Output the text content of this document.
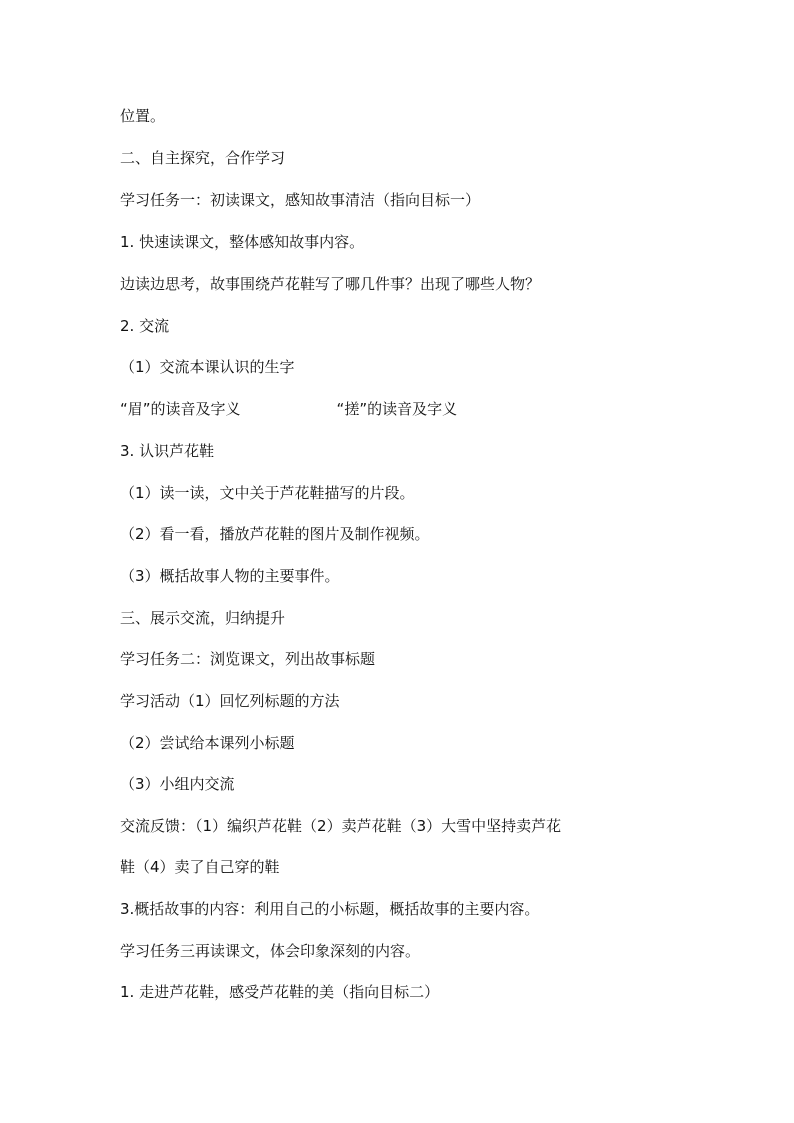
位置。
二、自主探究，合作学习
学习任务一：初读课文，感知故事清洁（指向目标一）
1. 快速读课文，整体感知故事内容。
边读边思考，故事围绕芦花鞋写了哪几件事？出现了哪些人物？
2. 交流
（1）交流本课认识的生字
“眉”的读音及字义	“搓”的读音及字义
3. 认识芦花鞋
（1）读一读，文中关于芦花鞋描写的片段。
（2）看一看，播放芦花鞋的图片及制作视频。
（3）概括故事人物的主要事件。
三、展示交流，归纳提升
学习任务二：浏览课文，列出故事标题
学习活动（1）回忆列标题的方法
（2）尝试给本课列小标题
（3）小组内交流
交流反馈：（1）编织芦花鞋（2）卖芦花鞋（3）大雪中坚持卖芦花
鞋（4）卖了自己穿的鞋
3.概括故事的内容：利用自己的小标题，概括故事的主要内容。
学习任务三再读课文，体会印象深刻的内容。
1. 走进芦花鞋，感受芦花鞋的美（指向目标二）
